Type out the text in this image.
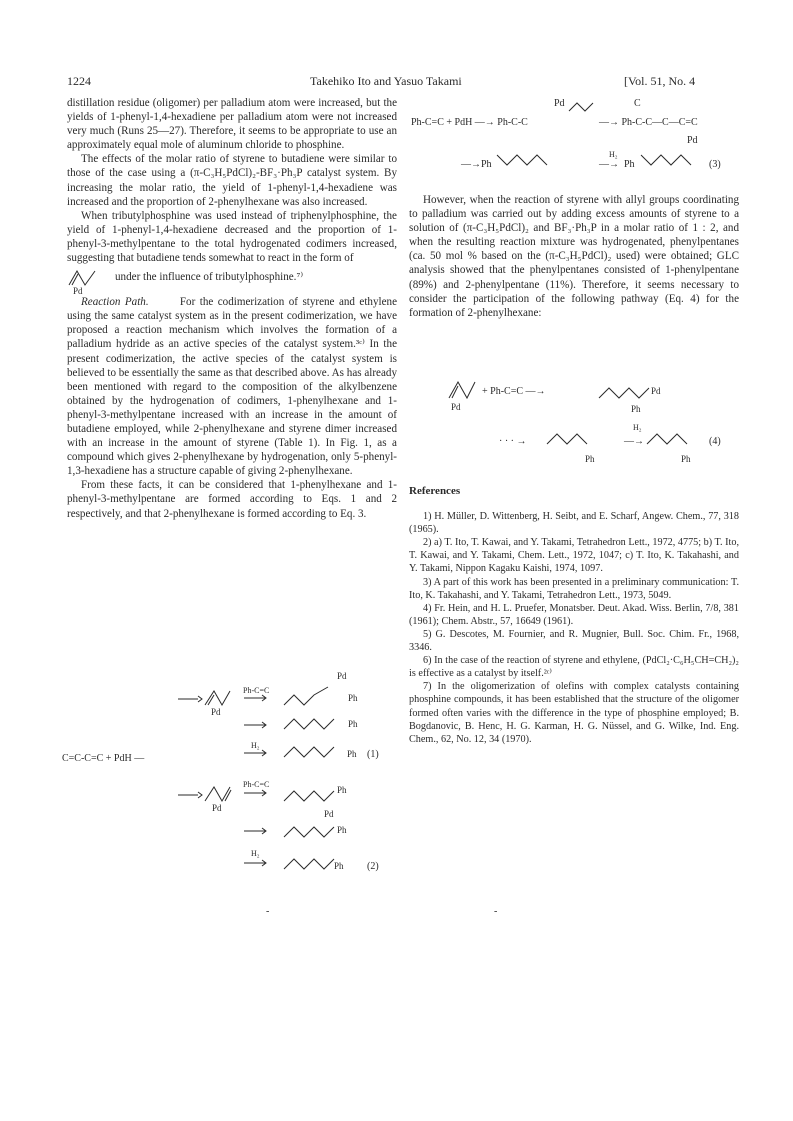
1224	Takehiko Ito and Yasuo Takami	[Vol. 51, No. 4

distillation residue (oligomer) per palladium atom were increased, but the yields of 1-phenyl-1,4-hexadiene per palladium atom were not increased very much (Runs 25—27). Therefore, it seems to be appropriate to use an approximately equal mole of aluminum chloride to phosphine.

The effects of the molar ratio of styrene to butadiene were similar to those of the case using a (π-C₃H₅PdCl)₂-BF₃·Ph₃P catalyst system. By increasing the molar ratio, the yield of 1-phenyl-1,4-hexadiene was increased and the proportion of 2-phenylhexane was also increased.

When tributylphosphine was used instead of triphenylphosphine, the yield of 1-phenyl-1,4-hexadiene decreased and the proportion of 1-phenyl-3-methylpentane to the total hydrogenated codimers increased, suggesting that butadiene tends somewhat to react in the form of

Pd
under the influence of tributylphosphine.⁷⁾

Reaction Path.	For the codimerization of styrene and ethylene using the same catalyst system as in the present codimerization, we have proposed a reaction mechanism which involves the formation of a palladium hydride as an active species of the catalyst system.³ᶜ⁾ In the present codimerization, the active species of the catalyst system is believed to be essentially the same as that described above. As has already been mentioned with regard to the composition of the alkylbenzene obtained by the hydrogenation of codimers, 1-phenylhexane and 1-phenyl-3-methylpentane increased with an increase in the amount of butadiene employed, while 2-phenylhexane and styrene dimer increased with an increase in the amount of styrene (Table 1). In Fig. 1, as a compound which gives 2-phenylhexane by hydrogenation, only 5-phenyl-1,3-hexadiene has a structure capable of giving 2-phenylhexane.

From these facts, it can be considered that 1-phenylhexane and 1-phenyl-3-methylpentane are formed according to Eqs. 1 and 2 respectively, and that 2-phenylhexane is formed according to Eq. 3.

Pd
Pd
Ph-C=C
Ph
Ph
C=C-C=C + PdH —
H₂
Ph (1)
Pd
Ph-C=C
Ph
Pd
Ph
H₂
Ph (2)
Pd	C
Ph-C=C + PdH —→ Ph-C-C	—→ Ph-C-C—C—C=C
Pd
—→ Ph
H₂
—→ Ph	(3)

However, when the reaction of styrene with allyl groups coordinating to palladium was carried out by adding excess amounts of styrene to a solution of (π-C₃H₅PdCl)₂ and BF₃·Ph₃P in a molar ratio of 1 : 2, and when the resulting reaction mixture was hydrogenated, phenylpentanes (ca. 50 mol % based on the (π-C₃H₅PdCl)₂ used) were obtained; GLC analysis showed that the phenylpentanes consisted of 1-phenylpentane (89%) and 2-phenylpentane (11%). Therefore, it seems necessary to consider the participation of the following pathway (Eq. 4) for the formation of 2-phenylhexane:

Pd
+ Ph-C=C —→	Pd
Ph
· · · →
Ph
H₂
—→
Ph
(4)

References

1) H. Müller, D. Wittenberg, H. Seibt, and E. Scharf, Angew. Chem., 77, 318 (1965).

2) a) T. Ito, T. Kawai, and Y. Takami, Tetrahedron Lett., 1972, 4775; b) T. Ito, T. Kawai, and Y. Takami, Chem. Lett., 1972, 1047; c) T. Ito, K. Takahashi, and Y. Takami, Nippon Kagaku Kaishi, 1974, 1097.

3) A part of this work has been presented in a preliminary communication: T. Ito, K. Takahashi, and Y. Takami, Tetrahedron Lett., 1973, 5049.

4) Fr. Hein, and H. L. Pruefer, Monatsber. Deut. Akad. Wiss. Berlin, 7/8, 381 (1961); Chem. Abstr., 57, 16649 (1961).

5) G. Descotes, M. Fournier, and R. Mugnier, Bull. Soc. Chim. Fr., 1968, 3346.

6) In the case of the reaction of styrene and ethylene, (PdCl₂·C₆H₅CH=CH₂)₂ is effective as a catalyst by itself.²ᶜ⁾

7) In the oligomerization of olefins with complex catalysts containing phosphine compounds, it has been established that the structure of the oligomer formed often varies with the difference in the type of phosphine employed; B. Bogdanovic, B. Henc, H. G. Karman, H. G. Nüssel, and G. Wilke, Ind. Eng. Chem., 62, No. 12, 34 (1970).

-	-
